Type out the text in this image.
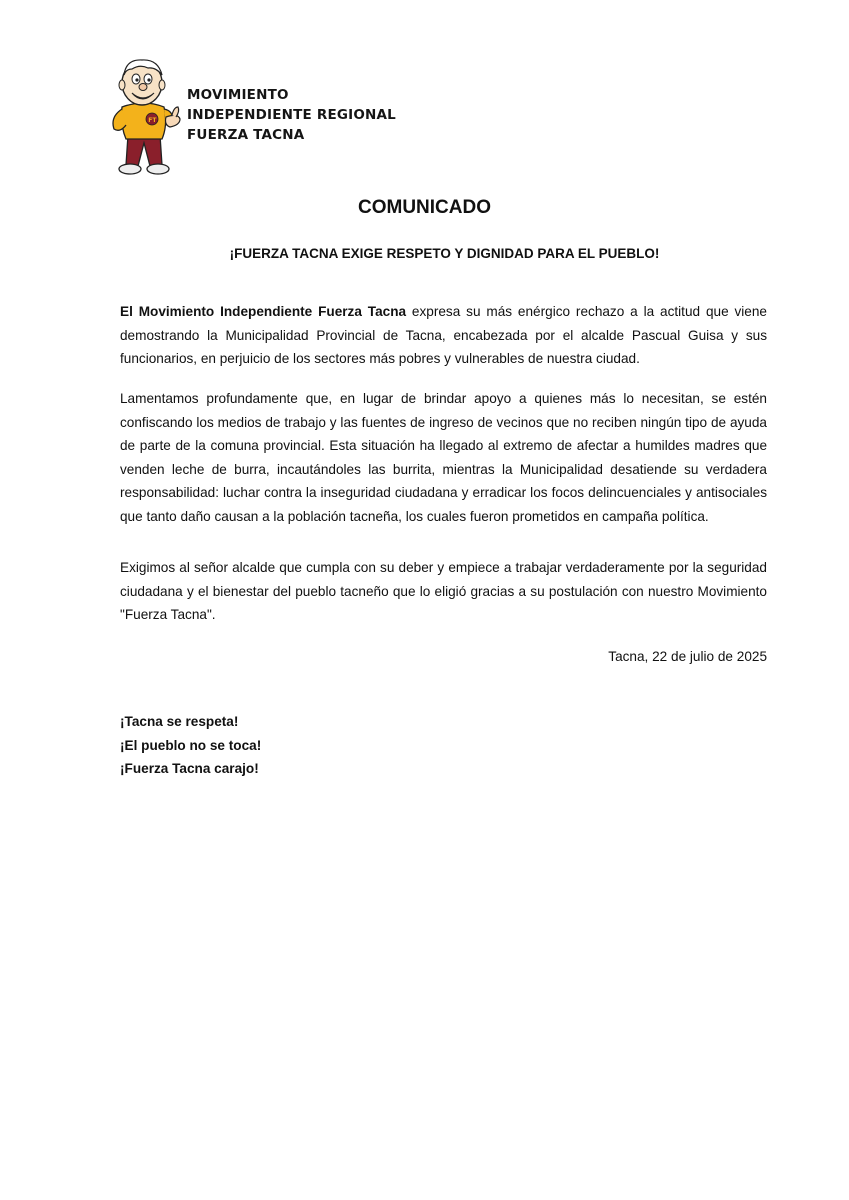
FT
MOVIMIENTO
INDEPENDIENTE REGIONAL
FUERZA TACNA
COMUNICADO
¡FUERZA TACNA EXIGE RESPETO Y DIGNIDAD PARA EL PUEBLO!
El Movimiento Independiente Fuerza Tacna expresa su más enérgico rechazo a la actitud que viene demostrando la Municipalidad Provincial de Tacna, encabezada por el alcalde Pascual Guisa y sus funcionarios, en perjuicio de los sectores más pobres y vulnerables de nuestra ciudad.
Lamentamos profundamente que, en lugar de brindar apoyo a quienes más lo necesitan, se estén confiscando los medios de trabajo y las fuentes de ingreso de vecinos que no reciben ningún tipo de ayuda de parte de la comuna provincial. Esta situación ha llegado al extremo de afectar a humildes madres que venden leche de burra, incautándoles las burrita, mientras la Municipalidad desatiende su verdadera responsabilidad: luchar contra la inseguridad ciudadana y erradicar los focos delincuenciales y antisociales que tanto daño causan a la población tacneña, los cuales fueron prometidos en campaña política.
Exigimos al señor alcalde que cumpla con su deber y empiece a trabajar verdaderamente por la seguridad ciudadana y el bienestar del pueblo tacneño que lo eligió gracias a su postulación con nuestro Movimiento "Fuerza Tacna".
Tacna, 22 de julio de 2025
¡Tacna se respeta!
¡El pueblo no se toca!
¡Fuerza Tacna carajo!
